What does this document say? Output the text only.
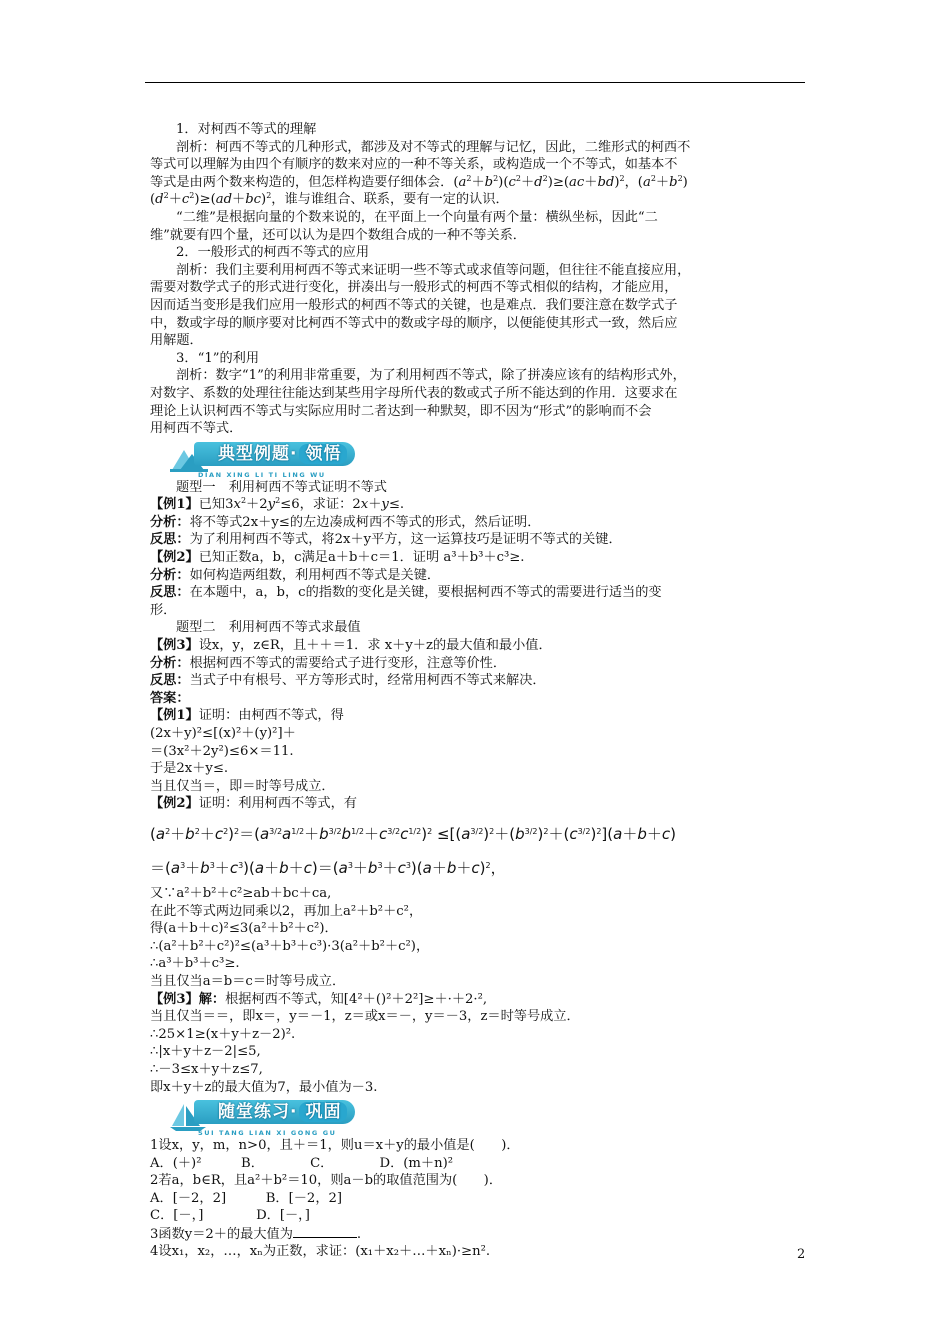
1．对柯西不等式的理解
剖析：柯西不等式的几种形式，都涉及对不等式的理解与记忆，因此，二维形式的柯西不
等式可以理解为由四个有顺序的数来对应的一种不等关系，或构造成一个不等式，如基本不
等式是由两个数来构造的，但怎样构造要仔细体会．$(a^2+b^2)(c^2+d^2)\ge(ac+bd)^2$，$(a^2+b^2)$
$(d^2+c^2)\ge(ad+bc)^2$，谁与谁组合、联系，要有一定的认识．
“二维”是根据向量的个数来说的，在平面上一个向量有两个量：横纵坐标，因此“二
维”就要有四个量，还可以认为是四个数组合成的一种不等关系．
2．一般形式的柯西不等式的应用
剖析：我们主要利用柯西不等式来证明一些不等式或求值等问题，但往往不能直接应用，
需要对数学式子的形式进行变化，拼凑出与一般形式的柯西不等式相似的结构，才能应用，
因而适当变形是我们应用一般形式的柯西不等式的关键，也是难点．我们要注意在数学式子
中，数或字母的顺序要对比柯西不等式中的数或字母的顺序，以便能使其形式一致，然后应
用解题．
3．“1”的利用
剖析：数字“1”的利用非常重要，为了利用柯西不等式，除了拼凑应该有的结构形式外，
对数字、系数的处理往往能达到某些用字母所代表的数或式子所不能达到的作用．这要求在
理论上认识柯西不等式与实际应用时二者达到一种默契，即不因为“形式”的影响而不会
用柯西不等式．
典型例题· 领悟
DIAN XING LI TI LING WU
题型一　利用柯西不等式证明不等式
【例1】已知$3x^2+2y^2\le 6$，求证：2x＋y≤.
分析：将不等式2x＋y≤的左边凑成柯西不等式的形式，然后证明．
反思：为了利用柯西不等式，将2x＋y平方，这一运算技巧是证明不等式的关键．
【例2】已知正数a，b，c满足a＋b＋c＝1．证明 a³＋b³＋c³≥.
分析：如何构造两组数，利用柯西不等式是关键．
反思：在本题中，a，b，c的指数的变化是关键，要根据柯西不等式的需要进行适当的变
形．
题型二　利用柯西不等式求最值
【例3】设x，y，z∈R，且＋＋＝1．求 x＋y＋z的最大值和最小值．
分析：根据柯西不等式的需要给式子进行变形，注意等价性．
反思：当式子中有根号、平方等形式时，经常用柯西不等式来解决．
答案：
【例1】证明：由柯西不等式，得
(2x＋y)²≤[(x)²＋(y)²]＋
＝(3x²＋2y²)≤6×＝11.
于是2x＋y≤.
当且仅当＝，即＝时等号成立．
【例2】证明：利用柯西不等式，有
$(a^2+b^2+c^2)^2=(a^{3/2}a^{1/2}+b^{3/2}b^{1/2}+c^{3/2}c^{1/2})^2 \le[(a^{3/2})^2+(b^{3/2})^2+(c^{3/2})^2](a+b+c)$
$=(a^3+b^3+c^3)(a+b+c)=(a^3+b^3+c^3)(a+b+c)^2$，
又∵a²＋b²＋c²≥ab＋bc＋ca,
在此不等式两边同乘以2，再加上a²＋b²＋c²，
得(a＋b＋c)²≤3(a²＋b²＋c²)．
∴(a²＋b²＋c²)²≤(a³＋b³＋c³)·3(a²＋b²＋c²)，
∴a³＋b³＋c³≥.
当且仅当a＝b＝c＝时等号成立．
【例3】解：根据柯西不等式，知[4²＋()²＋2²]≥＋·＋2·²,
当且仅当＝＝，即x＝，y＝－1，z＝或x＝－，y＝－3，z＝时等号成立．
∴25×1≥(x＋y＋z－2)².
∴|x＋y＋z－2|≤5,
∴－3≤x＋y＋z≤7,
即x＋y＋z的最大值为7，最小值为－3.
随堂练习· 巩固
SUI TANG LIAN XI GONG GU
1设x，y，m，n>0，且＋＝1，则u＝x＋y的最小值是(　　)．
A．(＋)²　　　B．　　　　C．　　　　D．(m＋n)²
2若a，b∈R，且a²＋b²＝10，则a－b的取值范围为(　　)．
A．[－2，2]　　　B．[－2，2]
C．[－，]　　　　D．[－，]
3函数y＝2＋的最大值为	.
4设x₁，x₂，…，xₙ为正数，求证：(x₁＋x₂＋…＋xₙ)·≥n².	2
